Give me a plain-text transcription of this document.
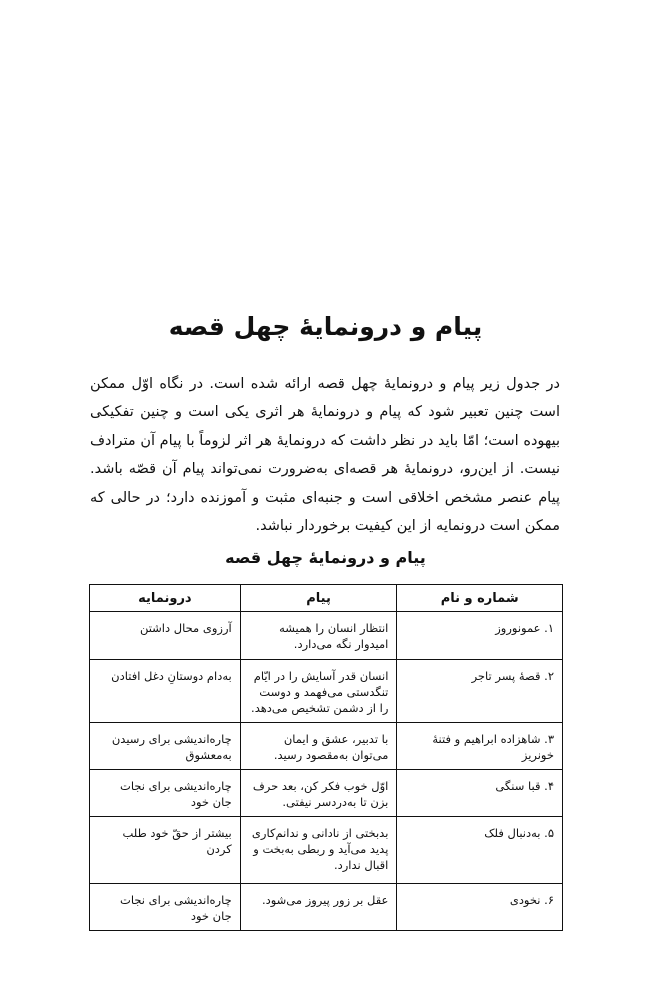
پیام و درونمایهٔ چهل قصه

در جدول زیر پیام و درونمایهٔ چهل قصه ارائه شده است. در نگاه اوّل ممکن است چنین تعبیر شود که پیام و درونمایهٔ هر اثری یکی است و چنین تفکیکی بیهوده است؛ امّا باید در نظر داشت که درونمایهٔ هر اثر لزوماً با پیام آن مترادف نیست. از این‌رو، درونمایهٔ هر قصه‌ای به‌ضرورت نمی‌تواند پیام آن قصّه باشد. پیام عنصر مشخص اخلاقی است و جنبه‌ای مثبت و آموزنده دارد؛ در حالی که ممکن است درونمایه از این کیفیت برخوردار نباشد.

پیام و درونمایهٔ چهل قصه
شماره و نام	پیام	درونمایه
۱. عمونوروز	انتظار انسان را همیشه امیدوار نگه می‌دارد.	آرزوی محال داشتن
۲. قصهٔ پسر تاجر	انسان قدر آسایش را در ایّام تنگدستی می‌فهمد و دوست را از دشمن تشخیص می‌دهد.	به‌دام دوستانِ دغل افتادن
۳. شاهزاده ابراهیم و فتنهٔ خونریز	با تدبیر، عشق و ایمان می‌توان به‌مقصود رسید.	چاره‌اندیشی برای رسیدن به‌معشوق
۴. قبا سنگی	اوّل خوب فکر کن، بعد حرف بزن تا به‌دردسر نیفتی.	چاره‌اندیشی برای نجات جان خود
۵. به‌دنبال فلک	بدبختی از نادانی و ندانم‌کاری پدید می‌آید و ربطی به‌بخت و اقبال ندارد.	بیشتر از حقّ خود طلب کردن
۶. نخودی	عقل بر زور پیروز می‌شود.	چاره‌اندیشی برای نجات جان خود
